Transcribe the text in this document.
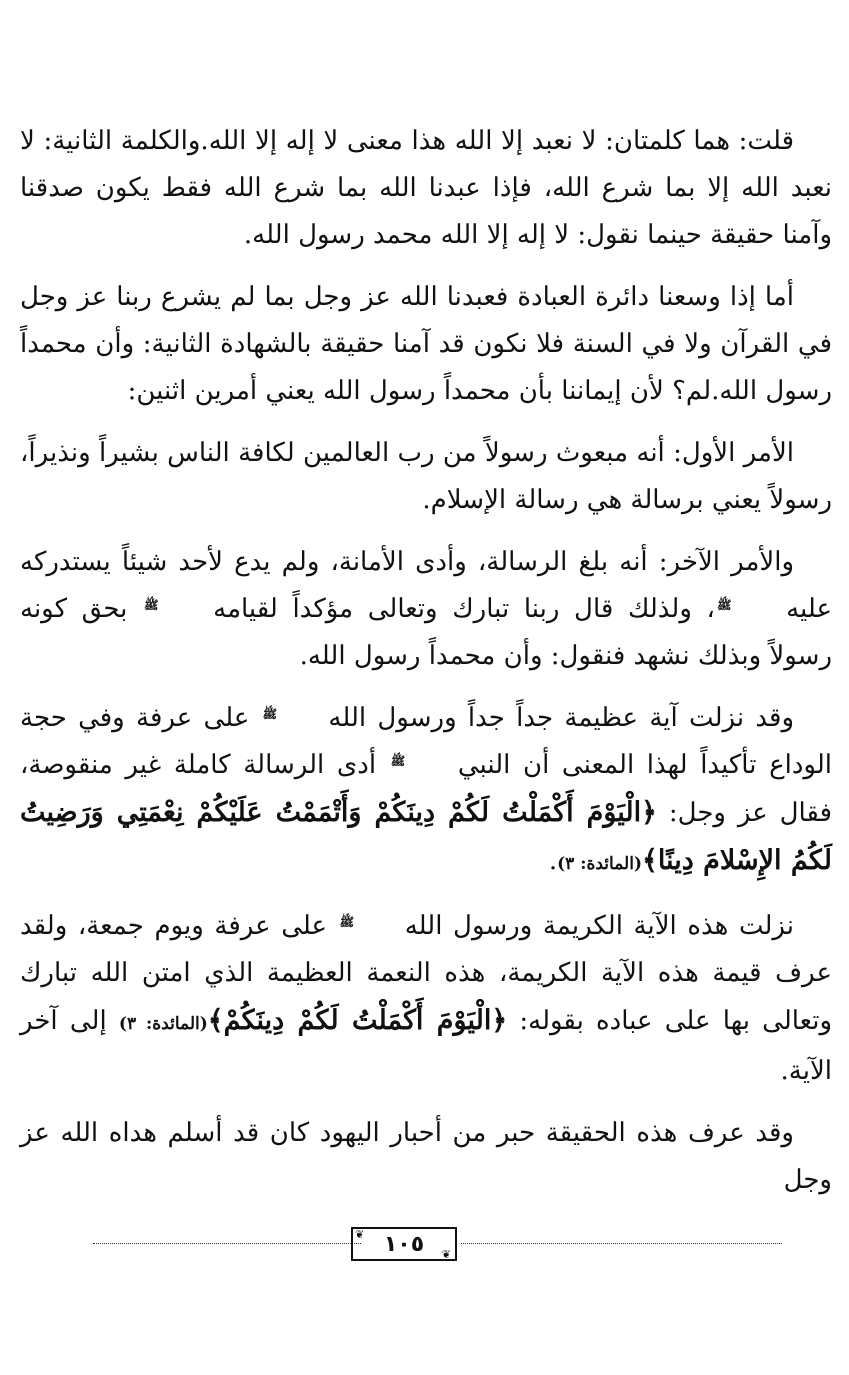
قلت: هما كلمتان: لا نعبد إلا الله هذا معنى لا إله إلا الله.والكلمة الثانية: لا نعبد الله إلا بما شرع الله، فإذا عبدنا الله بما شرع الله فقط يكون صدقنا وآمنا حقيقة حينما نقول: لا إله إلا الله محمد رسول الله.

أما إذا وسعنا دائرة العبادة فعبدنا الله عز وجل بما لم يشرع ربنا عز وجل في القرآن ولا في السنة فلا نكون قد آمنا حقيقة بالشهادة الثانية: وأن محمداً رسول الله.لم؟ لأن إيماننا بأن محمداً رسول الله يعني أمرين اثنين:

الأمر الأول: أنه مبعوث رسولاً من رب العالمين لكافة الناس بشيراً ونذيراً، رسولاً يعني برسالة هي رسالة الإسلام.

والأمر الآخر: أنه بلغ الرسالة، وأدى الأمانة، ولم يدع لأحد شيئاً يستدركه عليه ﷺ، ولذلك قال ربنا تبارك وتعالى مؤكداً لقيامه ﷺ بحق كونه رسولاً وبذلك نشهد فنقول: وأن محمداً رسول الله.

وقد نزلت آية عظيمة جداً جداً ورسول الله ﷺ على عرفة وفي حجة الوداع تأكيداً لهذا المعنى أن النبي ﷺ أدى الرسالة كاملة غير منقوصة، فقال عز وجل: ﴿الْيَوْمَ أَكْمَلْتُ لَكُمْ دِينَكُمْ وَأَتْمَمْتُ عَلَيْكُمْ نِعْمَتِي وَرَضِيتُ لَكُمُ الإِسْلامَ دِينًا﴾(المائدة: ٣).

نزلت هذه الآية الكريمة ورسول الله ﷺ على عرفة ويوم جمعة، ولقد عرف قيمة هذه الآية الكريمة، هذه النعمة العظيمة الذي امتن الله تبارك وتعالى بها على عباده بقوله: ﴿الْيَوْمَ أَكْمَلْتُ لَكُمْ دِينَكُمْ﴾(المائدة: ٣) إلى آخر الآية.

وقد عرف هذه الحقيقة حبر من أحبار اليهود كان قد أسلم هداه الله عز وجل

❦ ١٠٥ ❦
